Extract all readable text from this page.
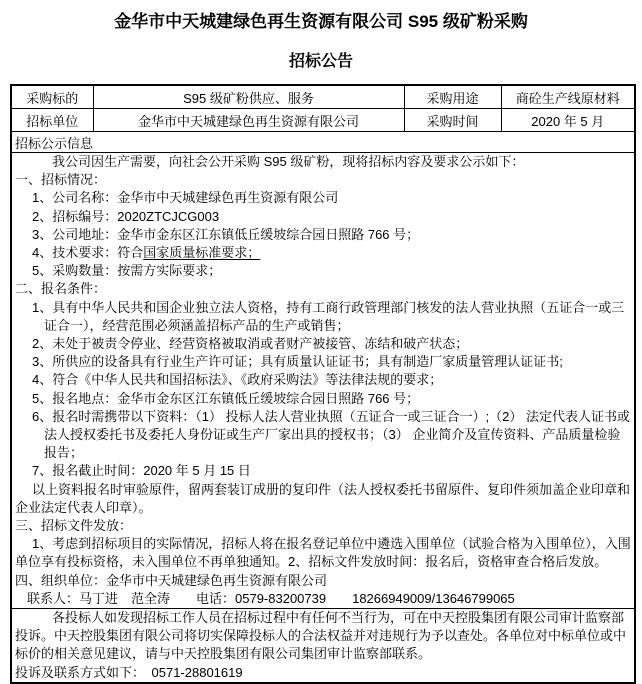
金华市中天城建绿色再生资源有限公司 S95 级矿粉采购
招标公告
采购标的	S95 级矿粉供应、服务	采购用途	商砼生产线原材料
招标单位	金华市中天城建绿色再生资源有限公司	采购时间	2020 年 5 月
招标公示信息			

我公司因生产需要，向社会公开采购 S95 级矿粉，现将招标内容及要求公示如下：
一、招标情况：
1、公司名称：金华市中天城建绿色再生资源有限公司
2、招标编号：2020ZTCJCG003
3、公司地址：金华市金东区江东镇低丘缓坡综合园日照路 766 号；
4、技术要求：符合国家质量标准要求；
5、采购数量：按需方实际要求；
二、报名条件：
1、具有中华人民共和国企业独立法人资格，持有工商行政管理部门核发的法人营业执照（五证合一或三证合一），经营范围必须涵盖招标产品的生产或销售；
2、未处于被责令停业、经营资格被取消或者财产被接管、冻结和破产状态；
3、所供应的设备具有行业生产许可证；具有质量认证证书；具有制造厂家质量管理认证证书;
4、符合《中华人民共和国招标法》、《政府采购法》等法律法规的要求；
5、报名地点：金华市金东区江东镇低丘缓坡综合园日照路 766 号；
6、报名时需携带以下资料：（1） 投标人法人营业执照（五证合一或三证合一）;（2） 法定代表人证书或法人授权委托书及委托人身份证或生产厂家出具的授权书；（3） 企业简介及宣传资料、产品质量检验报告；
7、报名截止时间：2020 年 5 月 15 日
以上资料报名时审验原件，留两套装订成册的复印件（法人授权委托书留原件、复印件须加盖企业印章和企业法定代表人印章）。
三、招标文件发放：
1、考虑到招标项目的实际情况，招标人将在报名登记单位中遴选入围单位（试验合格为入围单位），入围单位享有投标资格，未入围单位不再单独通知。2、招标文件发放时间：报名后，资格审查合格后发放。
四、组织单位：金华市中天城建绿色再生资源有限公司
联系人：马丁进　范全涛　　电话：0579-83200739　　18266949009/13646799065

各投标人如发现招标工作人员在招标过程中有任何不当行为，可在中天控股集团有限公司审计监察部投诉。中天控股集团有限公司将切实保障投标人的合法权益并对违规行为予以查处。各单位对中标单位或中标价的相关意见建议，请与中天控股集团有限公司集团审计监察部联系。
投诉及联系方式如下：　0571-28801619			
